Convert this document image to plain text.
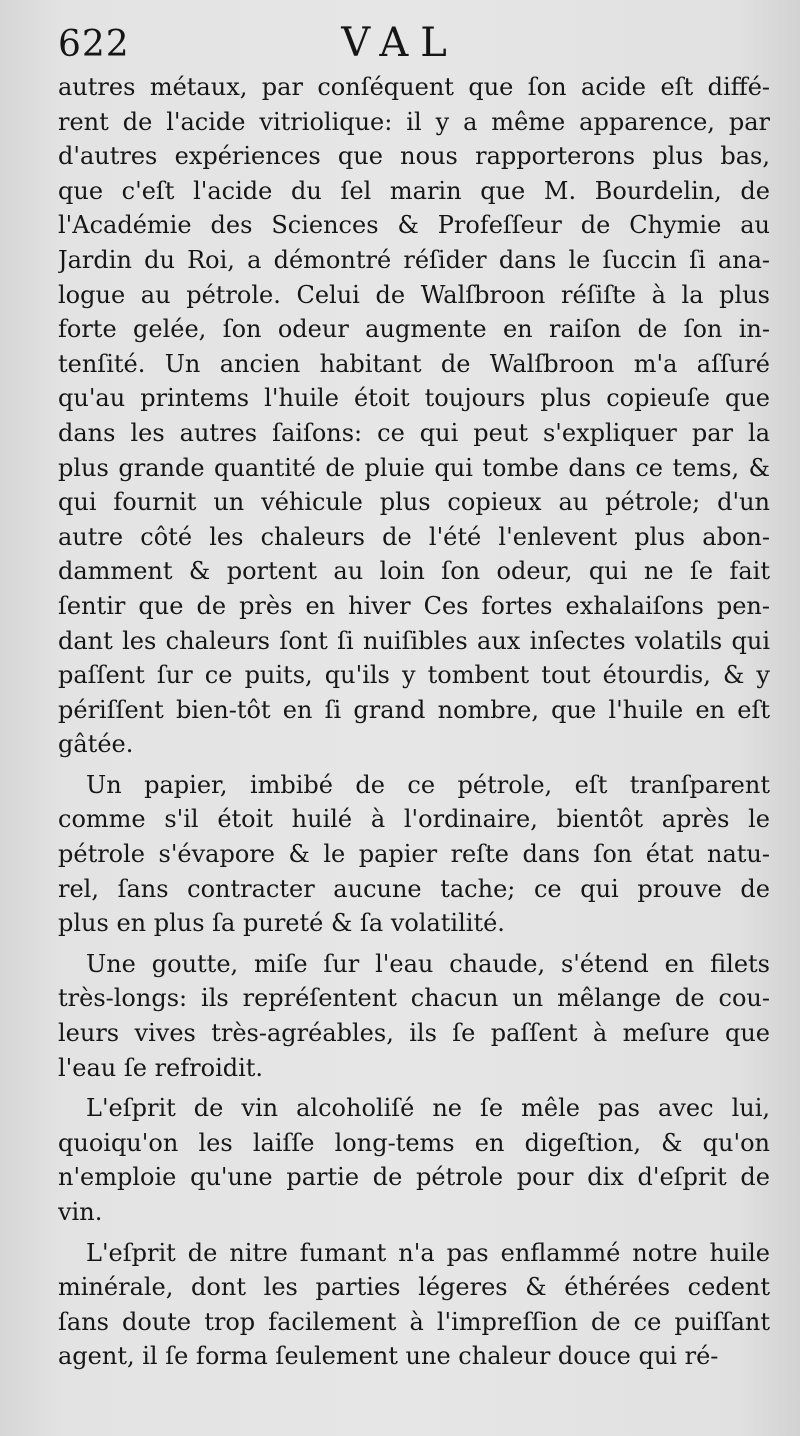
622	VAL
autres métaux, par conſéquent que ſon acide eſt diffé-
rent de l'acide vitriolique: il y a même apparence, par
d'autres expériences que nous rapporterons plus bas,
que c'eſt l'acide du ſel marin que M. Bourdelin, de
l'Académie des Sciences & Profeſſeur de Chymie au
Jardin du Roi, a démontré réſider dans le ſuccin ſi ana-
logue au pétrole. Celui de Walſbroon réſiſte à la plus
forte gelée, ſon odeur augmente en raiſon de ſon in-
tenſité. Un ancien habitant de Walſbroon m'a aſſuré
qu'au printems l'huile étoit toujours plus copieuſe que
dans les autres ſaiſons: ce qui peut s'expliquer par la
plus grande quantité de pluie qui tombe dans ce tems, &
qui fournit un véhicule plus copieux au pétrole; d'un
autre côté les chaleurs de l'été l'enlevent plus abon-
damment & portent au loin ſon odeur, qui ne ſe fait
ſentir que de près en hiver Ces fortes exhalaiſons pen-
dant les chaleurs ſont ſi nuiſibles aux inſectes volatils qui
paſſent ſur ce puits, qu'ils y tombent tout étourdis, & y
périſſent bien-tôt en ſi grand nombre, que l'huile en eſt
gâtée.
Un papier, imbibé de ce pétrole, eſt tranſparent
comme s'il étoit huilé à l'ordinaire, bientôt après le
pétrole s'évapore & le papier reſte dans ſon état natu-
rel, ſans contracter aucune tache; ce qui prouve de
plus en plus ſa pureté & ſa volatilité.
Une goutte, miſe ſur l'eau chaude, s'étend en filets
très-longs: ils repréſentent chacun un mêlange de cou-
leurs vives très-agréables, ils ſe paſſent à meſure que
l'eau ſe refroidit.
L'eſprit de vin alcoholiſé ne ſe mêle pas avec lui,
quoiqu'on les laiſſe long-tems en digeſtion, & qu'on
n'emploie qu'une partie de pétrole pour dix d'eſprit de
vin.
L'eſprit de nitre fumant n'a pas enflammé notre huile
minérale, dont les parties légeres & éthérées cedent
ſans doute trop facilement à l'impreſſion de ce puiſſant
agent, il ſe forma ſeulement une chaleur douce qui ré-
